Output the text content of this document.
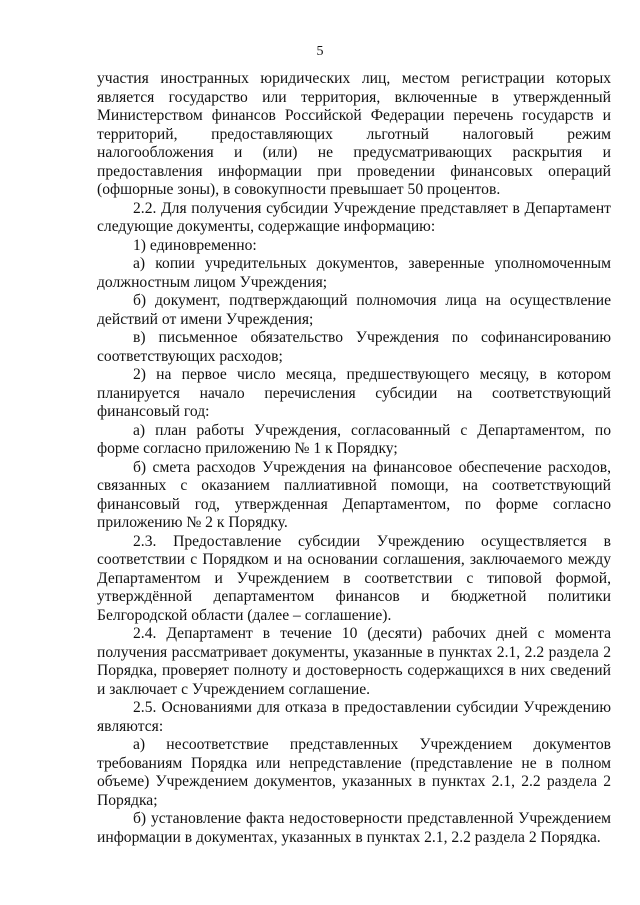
5

участия иностранных юридических лиц, местом регистрации которых является государство или территория, включенные в утвержденный Министерством финансов Российской Федерации перечень государств и территорий, предоставляющих льготный налоговый режим налогообложения и (или) не предусматривающих раскрытия и предоставления информации при проведении финансовых операций (офшорные зоны), в совокупности превышает 50 процентов.

2.2. Для получения субсидии Учреждение представляет в Департамент следующие документы, содержащие информацию:

1) единовременно:

а) копии учредительных документов, заверенные уполномоченным должностным лицом Учреждения;

б) документ, подтверждающий полномочия лица на осуществление действий от имени Учреждения;

в) письменное обязательство Учреждения по софинансированию соответствующих расходов;

2) на первое число месяца, предшествующего месяцу, в котором планируется начало перечисления субсидии на соответствующий финансовый год:

а) план работы Учреждения, согласованный с Департаментом, по форме согласно приложению № 1 к Порядку;

б) смета расходов Учреждения на финансовое обеспечение расходов, связанных с оказанием паллиативной помощи, на соответствующий финансовый год, утвержденная Департаментом, по форме согласно приложению № 2 к Порядку.

2.3. Предоставление субсидии Учреждению осуществляется в соответствии с Порядком и на основании соглашения, заключаемого между Департаментом и Учреждением в соответствии с типовой формой, утверждённой департаментом финансов и бюджетной политики Белгородской области (далее – соглашение).

2.4. Департамент в течение 10 (десяти) рабочих дней с момента получения рассматривает документы, указанные в пунктах 2.1, 2.2 раздела 2 Порядка, проверяет полноту и достоверность содержащихся в них сведений и заключает с Учреждением соглашение.

2.5. Основаниями для отказа в предоставлении субсидии Учреждению являются:

а) несоответствие представленных Учреждением документов требованиям Порядка или непредставление (представление не в полном объеме) Учреждением документов, указанных в пунктах 2.1, 2.2 раздела 2 Порядка;

б) установление факта недостоверности представленной Учреждением информации в документах, указанных в пунктах 2.1, 2.2 раздела 2 Порядка.
